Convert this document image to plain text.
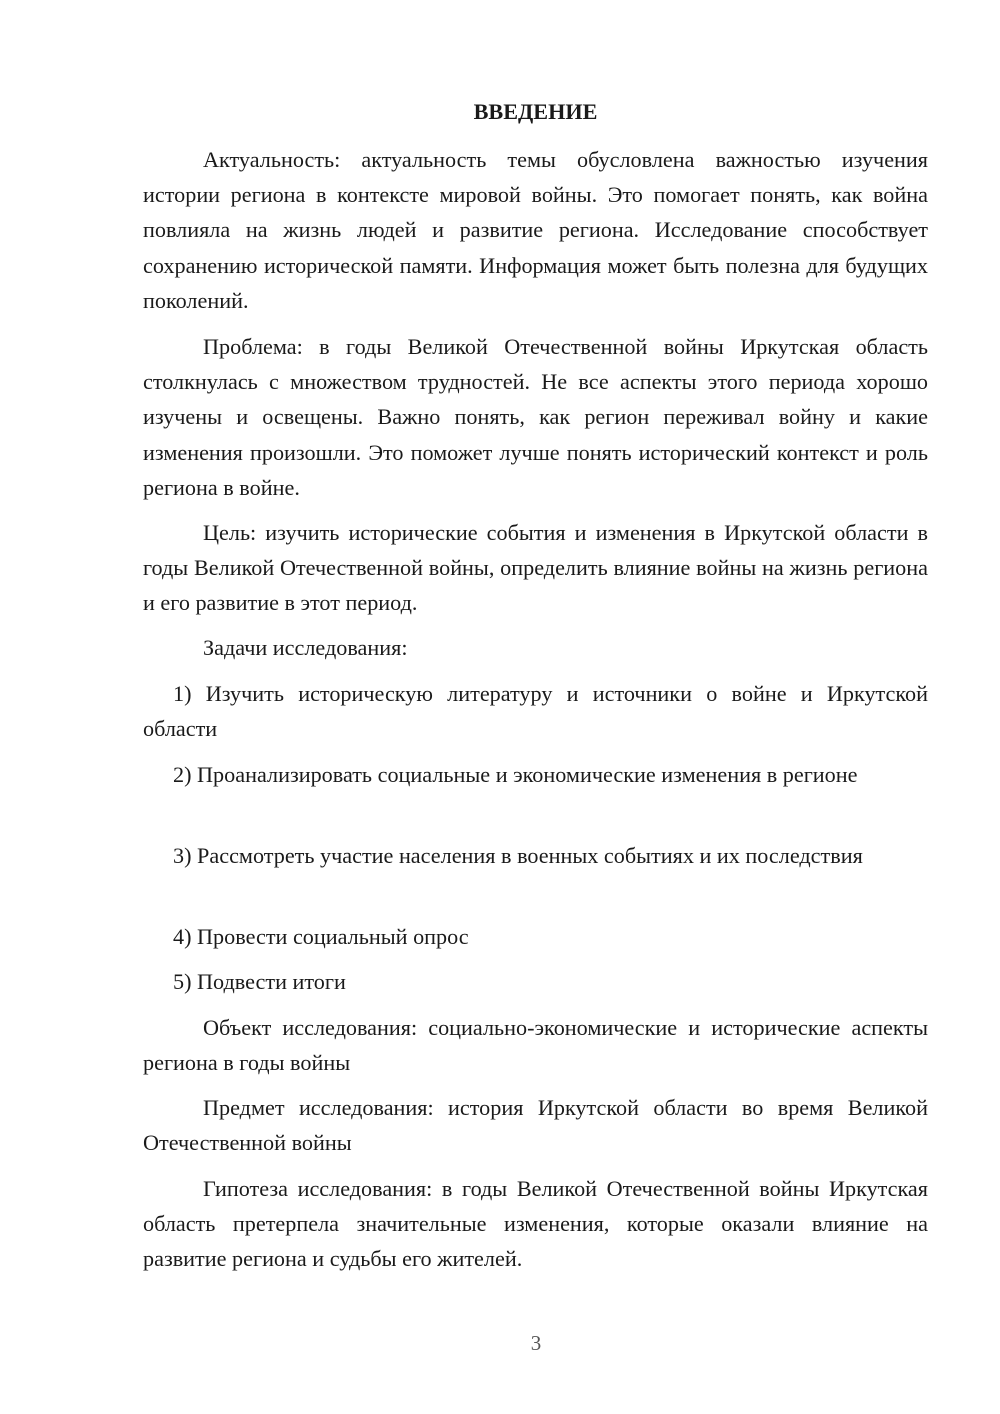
ВВЕДЕНИЕ

Актуальность: актуальность темы обусловлена важностью изучения истории региона в контексте мировой войны. Это помогает понять, как война повлияла на жизнь людей и развитие региона. Исследование способствует сохранению исторической памяти. Информация может быть полезна для будущих поколений.

Проблема: в годы Великой Отечественной войны Иркутская область столкнулась с множеством трудностей. Не все аспекты этого периода хорошо изучены и освещены. Важно понять, как регион переживал войну и какие изменения произошли. Это поможет лучше понять исторический контекст и роль региона в войне.

Цель: изучить исторические события и изменения в Иркутской области в годы Великой Отечественной войны, определить влияние войны на жизнь региона и его развитие в этот период.

Задачи исследования:

1) Изучить историческую литературу и источники о войне и Иркутской области

2) Проанализировать социальные и экономические изменения в регионе

3) Рассмотреть участие населения в военных событиях и их последствия

4) Провести социальный опрос

5) Подвести итоги

Объект исследования: социально-экономические и исторические аспекты региона в годы войны

Предмет исследования: история Иркутской области во время Великой Отечественной войны

Гипотеза исследования: в годы Великой Отечественной войны Иркутская область претерпела значительные изменения, которые оказали влияние на развитие региона и судьбы его жителей.

3
